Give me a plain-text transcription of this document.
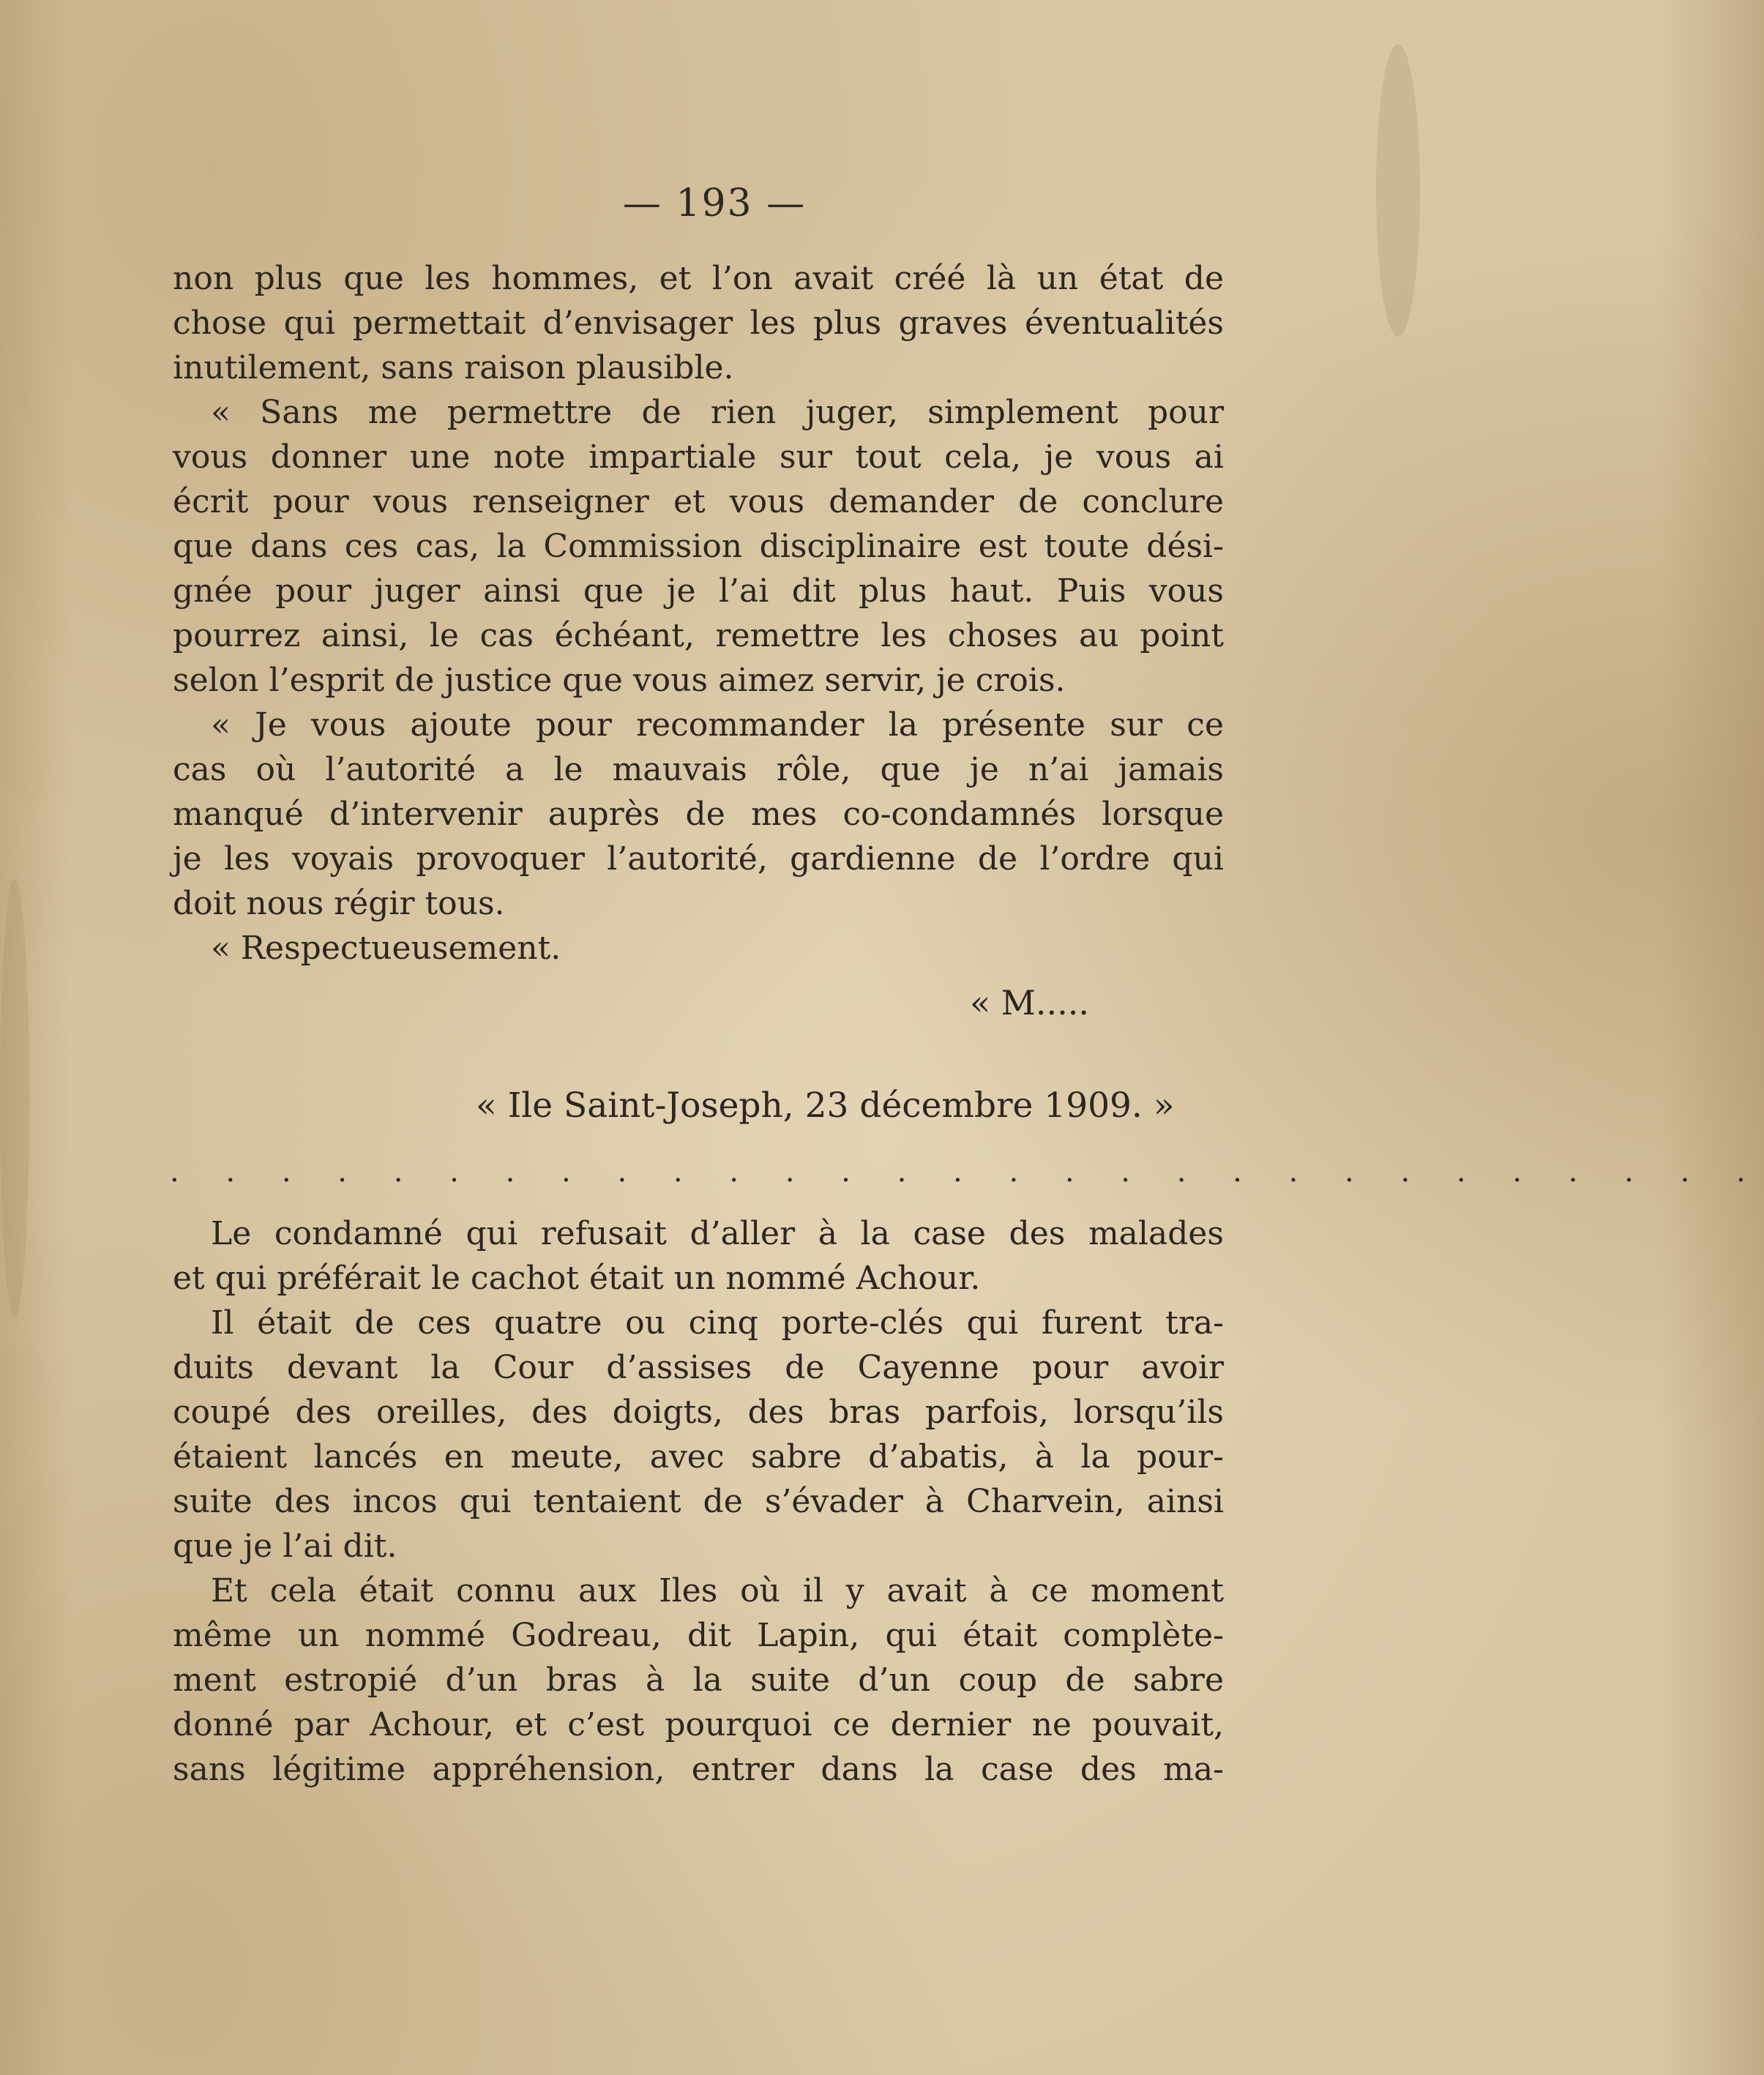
— 193 —
non plus que les hommes, et l’on avait créé là un état de
chose qui permettait d’envisager les plus graves éventualités
inutilement, sans raison plausible.
« Sans me permettre de rien juger, simplement pour
vous donner une note impartiale sur tout cela, je vous ai
écrit pour vous renseigner et vous demander de conclure
que dans ces cas, la Commission disciplinaire est toute dési-
gnée pour juger ainsi que je l’ai dit plus haut. Puis vous
pourrez ainsi, le cas échéant, remettre les choses au point
selon l’esprit de justice que vous aimez servir, je crois.
« Je vous ajoute pour recommander la présente sur ce
cas où l’autorité a le mauvais rôle, que je n’ai jamais
manqué d’intervenir auprès de mes co-condamnés lorsque
je les voyais provoquer l’autorité, gardienne de l’ordre qui
doit nous régir tous.
« Respectueusement.
« M.....
« Ile Saint-Joseph, 23 décembre 1909. »
. . . . . . . . . . . . . . . . . . . . . . . . . . . . .
Le condamné qui refusait d’aller à la case des malades
et qui préférait le cachot était un nommé Achour.
Il était de ces quatre ou cinq porte-clés qui furent tra-
duits devant la Cour d’assises de Cayenne pour avoir
coupé des oreilles, des doigts, des bras parfois, lorsqu’ils
étaient lancés en meute, avec sabre d’abatis, à la pour-
suite des incos qui tentaient de s’évader à Charvein, ainsi
que je l’ai dit.
Et cela était connu aux Iles où il y avait à ce moment
même un nommé Godreau, dit Lapin, qui était complète-
ment estropié d’un bras à la suite d’un coup de sabre
donné par Achour, et c’est pourquoi ce dernier ne pouvait,
sans légitime appréhension, entrer dans la case des ma-
